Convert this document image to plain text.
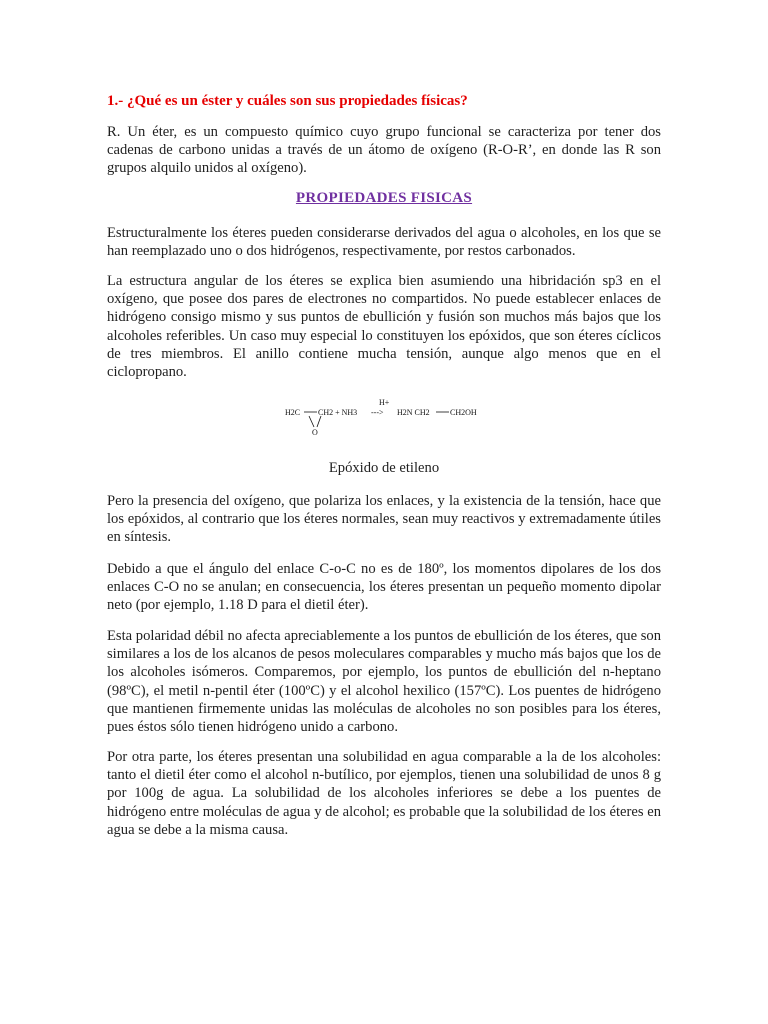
1.- ¿Qué es un éster y cuáles son sus propiedades físicas?

R. Un éter, es un compuesto químico cuyo grupo funcional se caracteriza por tener dos cadenas de carbono unidas a través de un átomo de oxígeno (R-O-R’, en donde las R son grupos alquilo unidos al oxígeno).

PROPIEDADES FISICAS

Estructuralmente los éteres pueden considerarse derivados del agua o alcoholes, en los que se han reemplazado uno o dos hidrógenos, respectivamente, por restos carbonados.

La estructura angular de los éteres se explica bien asumiendo una hibridación sp3 en el oxígeno, que posee dos pares de electrones no compartidos. No puede establecer enlaces de hidrógeno consigo mismo y sus puntos de ebullición y fusión son muchos más bajos que los alcoholes referibles. Un caso muy especial lo constituyen los epóxidos, que son éteres cíclicos de tres miembros. El anillo contiene mucha tensión, aunque algo menos que en el ciclopropano.

H+
H2C CH2 + NH3 ---> H2N CH2	CH2OH
O
Epóxido de etileno

Pero la presencia del oxígeno, que polariza los enlaces, y la existencia de la tensión, hace que los epóxidos, al contrario que los éteres normales, sean muy reactivos y extremadamente útiles en síntesis.

Debido a que el ángulo del enlace C-o-C no es de 180º, los momentos dipolares de los dos enlaces C-O no se anulan; en consecuencia, los éteres presentan un pequeño momento dipolar neto (por ejemplo, 1.18 D para el dietil éter).

Esta polaridad débil no afecta apreciablemente a los puntos de ebullición de los éteres, que son similares a los de los alcanos de pesos moleculares comparables y mucho más bajos que los de los alcoholes isómeros. Comparemos, por ejemplo, los puntos de ebullición del n-heptano (98ºC), el metil n-pentil éter (100ºC) y el alcohol hexilico (157ºC). Los puentes de hidrógeno que mantienen firmemente unidas las moléculas de alcoholes no son posibles para los éteres, pues éstos sólo tienen hidrógeno unido a carbono.

Por otra parte, los éteres presentan una solubilidad en agua comparable a la de los alcoholes: tanto el dietil éter como el alcohol n-butílico, por ejemplos, tienen una solubilidad de unos 8 g por 100g de agua. La solubilidad de los alcoholes inferiores se debe a los puentes de hidrógeno entre moléculas de agua y de alcohol; es probable que la solubilidad de los éteres en agua se debe a la misma causa.
